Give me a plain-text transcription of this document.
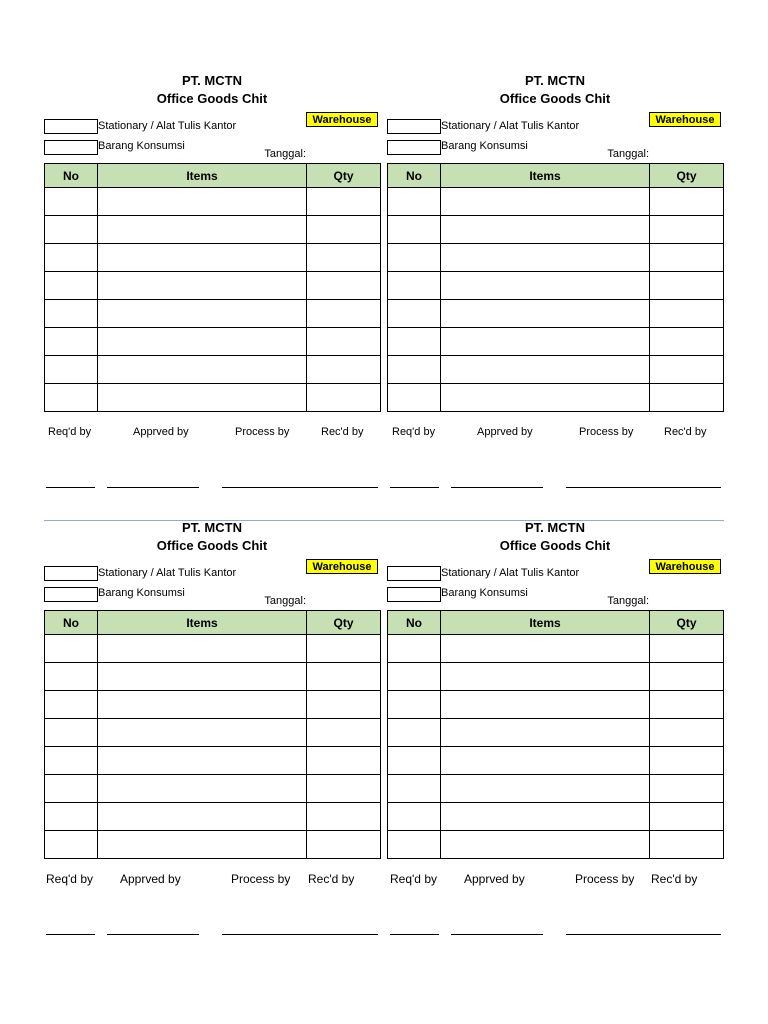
PT. MCTN
Office Goods Chit
Stationary / Alat Tulis Kantor	Warehouse
Barang Konsumsi
Tanggal:
No	Items	Qty

Req'd by	Apprved by	Process by	Rec'd by
PT. MCTN
Office Goods Chit
Stationary / Alat Tulis Kantor	Warehouse
Barang Konsumsi
Tanggal:
No	Items	Qty

Req'd by	Apprved by	Process by	Rec'd by
PT. MCTN
Office Goods Chit
Stationary / Alat Tulis Kantor	Warehouse
Barang Konsumsi
Tanggal:
No	Items	Qty

Req'd by Apprved by	Process by Rec'd by
PT. MCTN
Office Goods Chit
Stationary / Alat Tulis Kantor	Warehouse
Barang Konsumsi
Tanggal:
No	Items	Qty

Req'd by Apprved by	Process by Rec'd by
